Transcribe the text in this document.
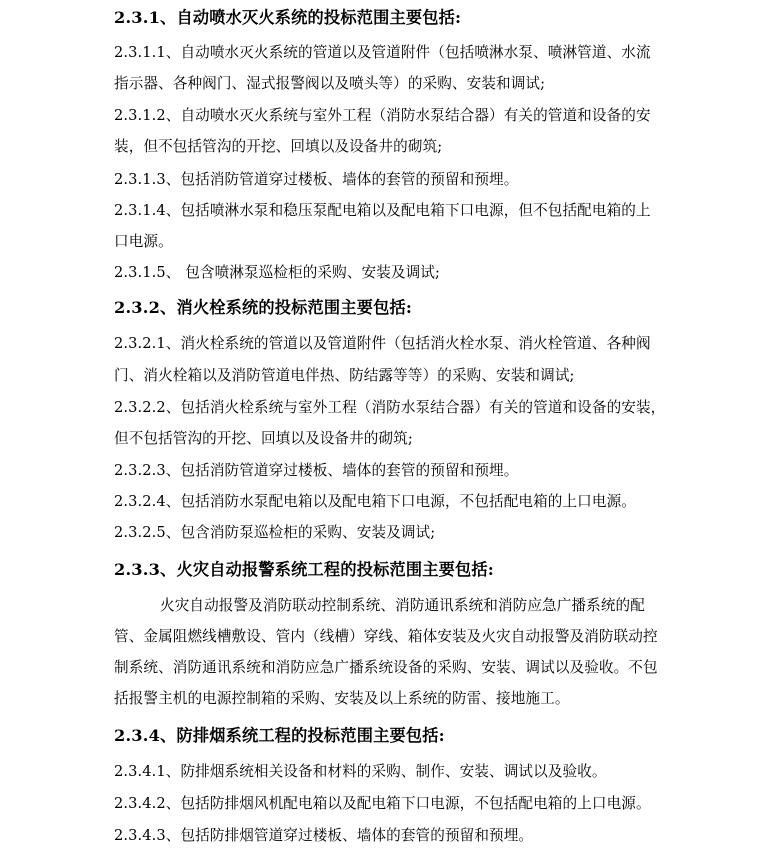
2.3.1、自动喷水灭火系统的投标范围主要包括:
2.3.1.1、自动喷水灭火系统的管道以及管道附件（包括喷淋水泵、喷淋管道、水流
指示器、各种阀门、湿式报警阀以及喷头等）的采购、安装和调试;
2.3.1.2、自动喷水灭火系统与室外工程（消防水泵结合器）有关的管道和设备的安
装，但不包括管沟的开挖、回填以及设备井的砌筑;
2.3.1.3、包括消防管道穿过楼板、墙体的套管的预留和预埋。
2.3.1.4、包括喷淋水泵和稳压泵配电箱以及配电箱下口电源，但不包括配电箱的上
口电源。
2.3.1.5、 包含喷淋泵巡检柜的采购、安装及调试;
2.3.2、消火栓系统的投标范围主要包括:
2.3.2.1、消火栓系统的管道以及管道附件（包括消火栓水泵、消火栓管道、各种阀
门、消火栓箱以及消防管道电伴热、防结露等等）的采购、安装和调试;
2.3.2.2、包括消火栓系统与室外工程（消防水泵结合器）有关的管道和设备的安装，
但不包括管沟的开挖、回填以及设备井的砌筑;
2.3.2.3、包括消防管道穿过楼板、墙体的套管的预留和预埋。
2.3.2.4、包括消防水泵配电箱以及配电箱下口电源，不包括配电箱的上口电源。
2.3.2.5、包含消防泵巡检柜的采购、安装及调试;
2.3.3、火灾自动报警系统工程的投标范围主要包括:
火灾自动报警及消防联动控制系统、消防通讯系统和消防应急广播系统的配
管、金属阻燃线槽敷设、管内（线槽）穿线、箱体安装及火灾自动报警及消防联动控
制系统、消防通讯系统和消防应急广播系统设备的采购、安装、调试以及验收。不包
括报警主机的电源控制箱的采购、安装及以上系统的防雷、接地施工。
2.3.4、防排烟系统工程的投标范围主要包括:
2.3.4.1、防排烟系统相关设备和材料的采购、制作、安装、调试以及验收。
2.3.4.2、包括防排烟风机配电箱以及配电箱下口电源，不包括配电箱的上口电源。
2.3.4.3、包括防排烟管道穿过楼板、墙体的套管的预留和预埋。
